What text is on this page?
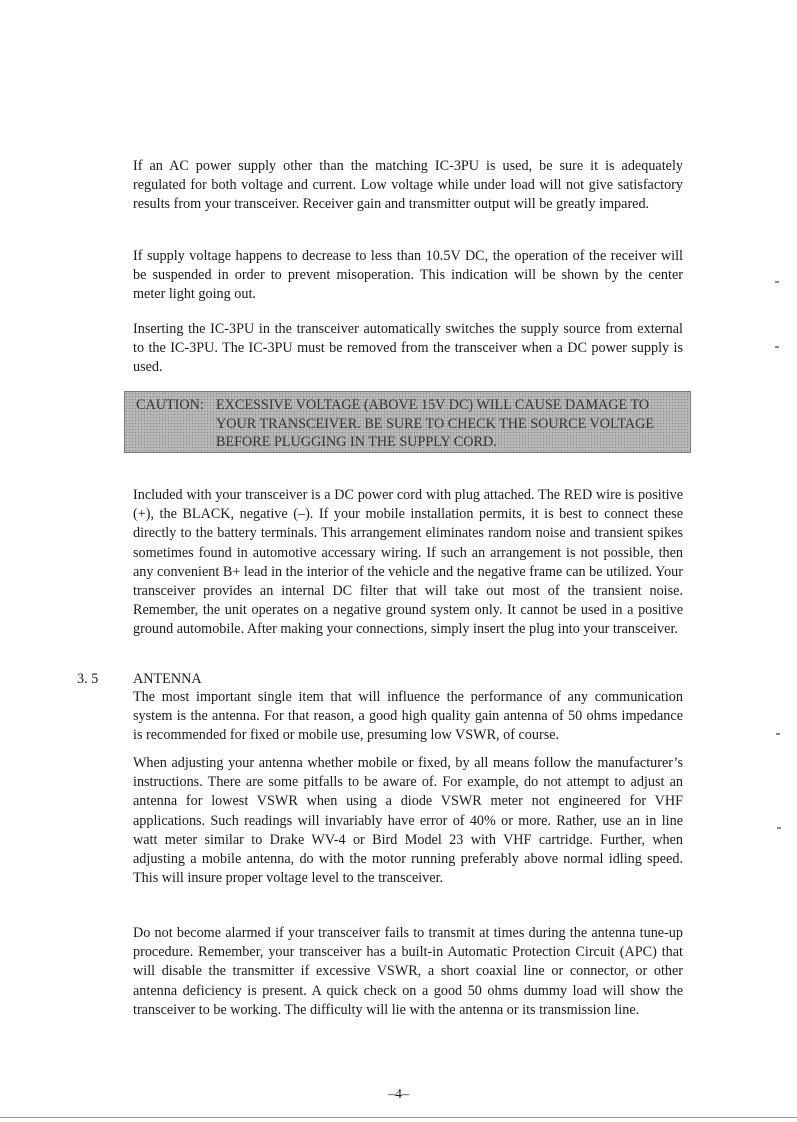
If an AC power supply other than the matching IC-3PU is used, be sure it is adequately regulated for both voltage and current. Low voltage while under load will not give satisfactory results from your transceiver. Receiver gain and transmitter output will be greatly impared.

If supply voltage happens to decrease to less than 10.5V DC, the operation of the receiver will be suspended in order to prevent misoperation. This indication will be shown by the center meter light going out.

Inserting the IC-3PU in the transceiver automatically switches the supply source from external to the IC-3PU. The IC-3PU must be removed from the transceiver when a DC power supply is used.

CAUTION: EXCESSIVE VOLTAGE (ABOVE 15V DC) WILL CAUSE DAMAGE TO
YOUR TRANSCEIVER. BE SURE TO CHECK THE SOURCE VOLTAGE
BEFORE PLUGGING IN THE SUPPLY CORD.

Included with your transceiver is a DC power cord with plug attached. The RED wire is positive (+), the BLACK, negative (–). If your mobile installation permits, it is best to connect these directly to the battery terminals. This arrangement eliminates random noise and transient spikes sometimes found in automotive accessary wiring. If such an arrangement is not possible, then any convenient B+ lead in the interior of the vehicle and the negative frame can be utilized. Your transceiver provides an internal DC filter that will take out most of the transient noise. Remember, the unit operates on a negative ground system only. It cannot be used in a positive ground automobile. After making your connections, simply insert the plug into your transceiver.

3. 5 ANTENNA

The most important single item that will influence the performance of any communication system is the antenna. For that reason, a good high quality gain antenna of 50 ohms impedance is recommended for fixed or mobile use, presuming low VSWR, of course.

When adjusting your antenna whether mobile or fixed, by all means follow the manufacturer’s instructions. There are some pitfalls to be aware of. For example, do not attempt to adjust an antenna for lowest VSWR when using a diode VSWR meter not engineered for VHF applications. Such readings will invariably have error of 40% or more. Rather, use an in line watt meter similar to Drake WV-4 or Bird Model 23 with VHF cartridge. Further, when adjusting a mobile antenna, do with the motor running preferably above normal idling speed. This will insure proper voltage level to the transceiver.

Do not become alarmed if your transceiver fails to transmit at times during the antenna tune-up procedure. Remember, your transceiver has a built-in Automatic Protection Circuit (APC) that will disable the transmitter if excessive VSWR, a short coaxial line or connector, or other antenna deficiency is present. A quick check on a good 50 ohms dummy load will show the transceiver to be working. The difficulty will lie with the antenna or its transmission line.

–4–
